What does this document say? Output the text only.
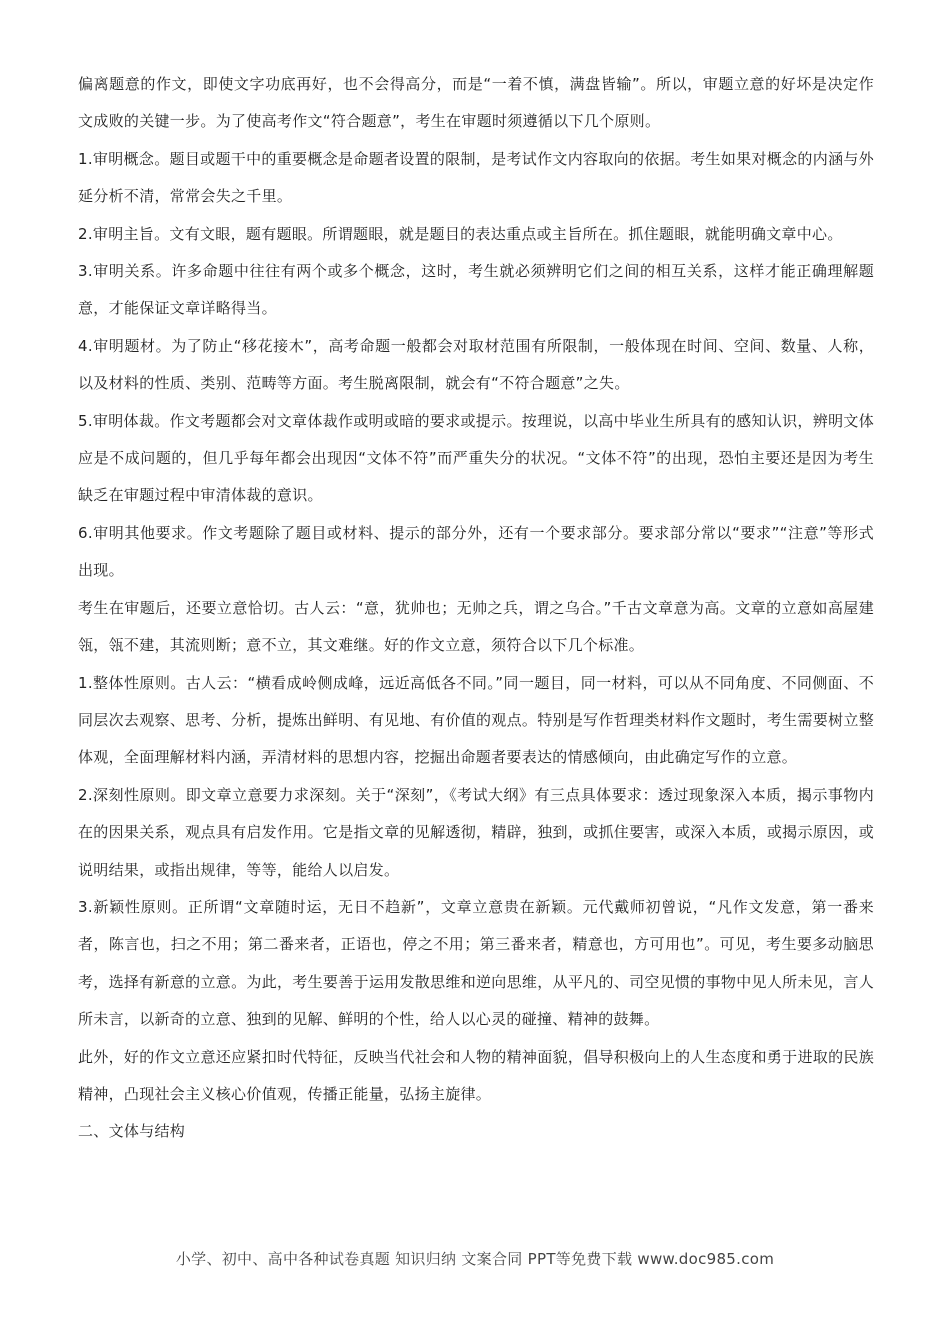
偏离题意的作文，即使文字功底再好，也不会得高分，而是“一着不慎，满盘皆输”。所以，审题立意的好坏是决定作文成败的关键一步。为了使高考作文“符合题意”，考生在审题时须遵循以下几个原则。

1.审明概念。题目或题干中的重要概念是命题者设置的限制，是考试作文内容取向的依据。考生如果对概念的内涵与外延分析不清，常常会失之千里。

2.审明主旨。文有文眼，题有题眼。所谓题眼，就是题目的表达重点或主旨所在。抓住题眼，就能明确文章中心。

3.审明关系。许多命题中往往有两个或多个概念，这时，考生就必须辨明它们之间的相互关系，这样才能正确理解题意，才能保证文章详略得当。

4.审明题材。为了防止“移花接木”，高考命题一般都会对取材范围有所限制，一般体现在时间、空间、数量、人称，以及材料的性质、类别、范畴等方面。考生脱离限制，就会有“不符合题意”之失。

5.审明体裁。作文考题都会对文章体裁作或明或暗的要求或提示。按理说，以高中毕业生所具有的感知认识，辨明文体应是不成问题的，但几乎每年都会出现因“文体不符”而严重失分的状况。“文体不符”的出现，恐怕主要还是因为考生缺乏在审题过程中审清体裁的意识。

6.审明其他要求。作文考题除了题目或材料、提示的部分外，还有一个要求部分。要求部分常以“要求”“注意”等形式出现。

考生在审题后，还要立意恰切。古人云：“意，犹帅也；无帅之兵，谓之乌合。”千古文章意为高。文章的立意如高屋建瓴，瓴不建，其流则断；意不立，其文难继。好的作文立意，须符合以下几个标准。

1.整体性原则。古人云：“横看成岭侧成峰，远近高低各不同。”同一题目，同一材料，可以从不同角度、不同侧面、不同层次去观察、思考、分析，提炼出鲜明、有见地、有价值的观点。特别是写作哲理类材料作文题时，考生需要树立整体观，全面理解材料内涵，弄清材料的思想内容，挖掘出命题者要表达的情感倾向，由此确定写作的立意。

2.深刻性原则。即文章立意要力求深刻。关于“深刻”，《考试大纲》有三点具体要求：透过现象深入本质，揭示事物内在的因果关系，观点具有启发作用。它是指文章的见解透彻，精辟，独到，或抓住要害，或深入本质，或揭示原因，或说明结果，或指出规律，等等，能给人以启发。

3.新颖性原则。正所谓“文章随时运，无日不趋新”，文章立意贵在新颖。元代戴师初曾说，“凡作文发意，第一番来者，陈言也，扫之不用；第二番来者，正语也，停之不用；第三番来者，精意也，方可用也”。可见，考生要多动脑思考，选择有新意的立意。为此，考生要善于运用发散思维和逆向思维，从平凡的、司空见惯的事物中见人所未见，言人所未言，以新奇的立意、独到的见解、鲜明的个性，给人以心灵的碰撞、精神的鼓舞。

此外，好的作文立意还应紧扣时代特征，反映当代社会和人物的精神面貌，倡导积极向上的人生态度和勇于进取的民族精神，凸现社会主义核心价值观，传播正能量，弘扬主旋律。

二、文体与结构

小学、初中、高中各种试卷真题 知识归纳 文案合同 PPT等免费下载 www.doc985.com
